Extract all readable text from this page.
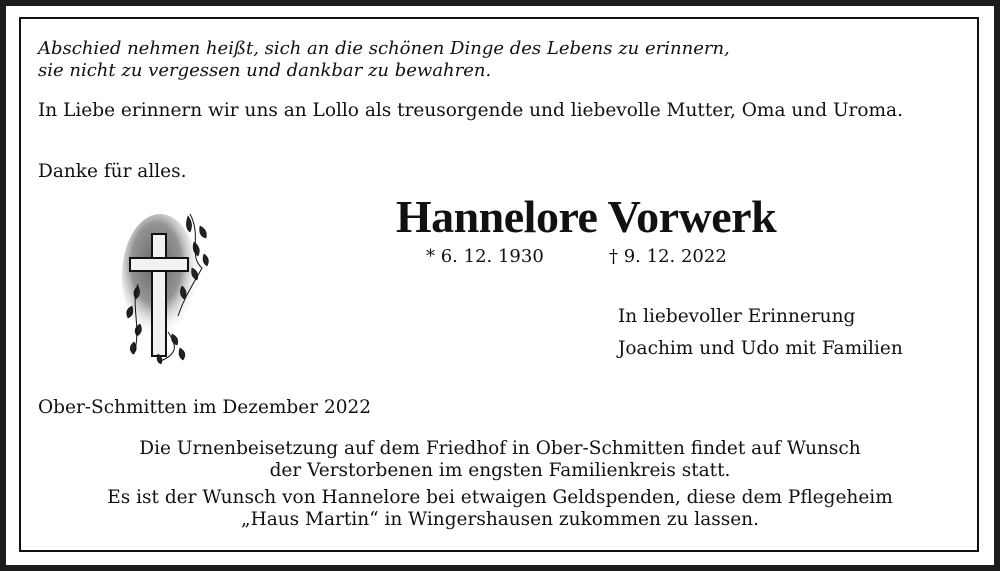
Abschied nehmen heißt, sich an die schönen Dinge des Lebens zu erinnern,
sie nicht zu vergessen und dankbar zu bewahren.

In Liebe erinnern wir uns an Lollo als treusorgende und liebevolle Mutter, Oma und Uroma.

Danke für alles.

Hannelore Vorwerk

* 6. 12. 1930	† 9. 12. 2022

In liebevoller Erinnerung

Joachim und Udo mit Familien

Ober-Schmitten im Dezember 2022

Die Urnenbeisetzung auf dem Friedhof in Ober-Schmitten findet auf Wunsch

der Verstorbenen im engsten Familienkreis statt.

Es ist der Wunsch von Hannelore bei etwaigen Geldspenden, diese dem Pflegeheim

„Haus Martin“ in Wingershausen zukommen zu lassen.
